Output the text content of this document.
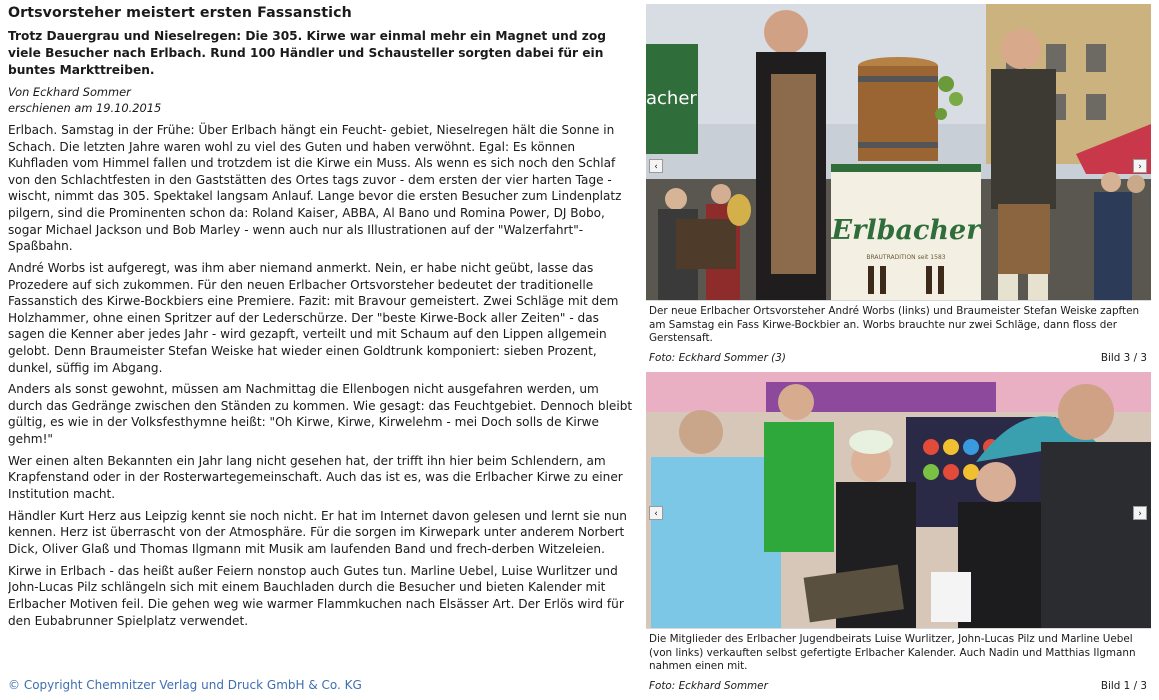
Ortsvorsteher meistert ersten Fassanstich

Trotz Dauergrau und Nieselregen: Die 305. Kirwe war einmal mehr ein Magnet und zog viele Besucher nach Erlbach. Rund 100 Händler und Schausteller sorgten dabei für ein buntes Markttreiben.

Von Eckhard Sommer

erschienen am 19.10.2015

Erlbach. Samstag in der Frühe: Über Erlbach hängt ein Feucht- gebiet, Nieselregen hält die Sonne in Schach. Die letzten Jahre waren wohl zu viel des Guten und haben verwöhnt. Egal: Es können Kuhfladen vom Himmel fallen und trotzdem ist die Kirwe ein Muss. Als wenn es sich noch den Schlaf von den Schlachtfesten in den Gaststätten des Ortes tags zuvor - dem ersten der vier harten Tage - wischt, nimmt das 305. Spektakel langsam Anlauf. Lange bevor die ersten Besucher zum Lindenplatz pilgern, sind die Prominenten schon da: Roland Kaiser, ABBA, Al Bano und Romina Power, DJ Bobo, sogar Michael Jackson und Bob Marley - wenn auch nur als Illustrationen auf der "Walzerfahrt"-Spaßbahn.

André Worbs ist aufgeregt, was ihm aber niemand anmerkt. Nein, er habe nicht geübt, lasse das Prozedere auf sich zukommen. Für den neuen Erlbacher Ortsvorsteher bedeutet der traditionelle Fassanstich des Kirwe-Bockbiers eine Premiere. Fazit: mit Bravour gemeistert. Zwei Schläge mit dem Holzhammer, ohne einen Spritzer auf der Lederschürze. Der "beste Kirwe-Bock aller Zeiten" - das sagen die Kenner aber jedes Jahr - wird gezapft, verteilt und mit Schaum auf den Lippen allgemein gelobt. Denn Braumeister Stefan Weiske hat wieder einen Goldtrunk komponiert: sieben Prozent, dunkel, süffig im Abgang.

Anders als sonst gewohnt, müssen am Nachmittag die Ellenbogen nicht ausgefahren werden, um durch das Gedränge zwischen den Ständen zu kommen. Wie gesagt: das Feuchtgebiet. Dennoch bleibt gültig, es wie in der Volksfesthymne heißt: "Oh Kirwe, Kirwe, Kirwelehm - mei Doch solls de Kirwe gehm!"

Wer einen alten Bekannten ein Jahr lang nicht gesehen hat, der trifft ihn hier beim Schlendern, am Krapfenstand oder in der Rosterwartegemeinschaft. Auch das ist es, was die Erlbacher Kirwe zu einer Institution macht.

Händler Kurt Herz aus Leipzig kennt sie noch nicht. Er hat im Internet davon gelesen und lernt sie nun kennen. Herz ist überrascht von der Atmosphäre. Für die sorgen im Kirwepark unter anderem Norbert Dick, Oliver Glaß und Thomas Ilgmann mit Musik am laufenden Band und frech-derben Witzeleien.

Kirwe in Erlbach - das heißt außer Feiern nonstop auch Gutes tun. Marline Uebel, Luise Wurlitzer und John-Lucas Pilz schlängeln sich mit einem Bauchladen durch die Besucher und bieten Kalender mit Erlbacher Motiven feil. Die gehen weg wie warmer Flammkuchen nach Elsässer Art. Der Erlös wird für den Eubabrunner Spielplatz verwendet.

© Copyright Chemnitzer Verlag und Druck GmbH & Co. KG
Erlbacher
BRAUTRADITION seit 1583
acher
‹	›
Der neue Erlbacher Ortsvorsteher André Worbs (links) und Braumeister Stefan Weiske zapften am Samstag ein Fass Kirwe-Bockbier an. Worbs brauchte nur zwei Schläge, dann floss der Gerstensaft.
Foto: Eckhard Sommer (3)	Bild 3 / 3
‹	›
Die Mitglieder des Erlbacher Jugendbeirats Luise Wurlitzer, John-Lucas Pilz und Marline Uebel (von links) verkauften selbst gefertigte Erlbacher Kalender. Auch Nadin und Matthias Ilgmann nahmen einen mit.
Foto: Eckhard Sommer	Bild 1 / 3
